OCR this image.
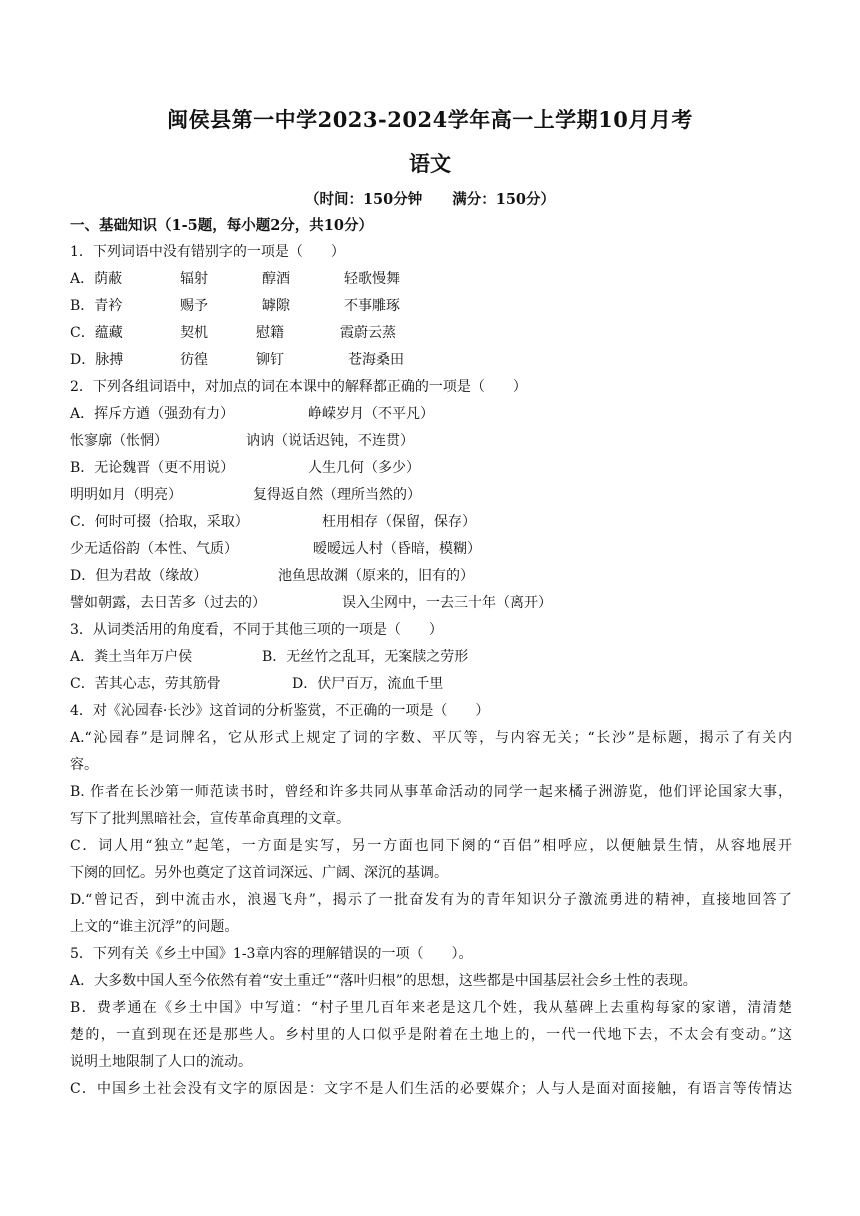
闽侯县第一中学2023-2024学年高一上学期10月月考
语文
（时间：150分钟 满分：150分）
一、基础知识（1-5题，每小题2分，共10分）
1．下列词语中没有错别字的一项是（　　）
A．荫蔽	辐射	醇酒	轻歌慢舞
B．青衿	赐予	罅隙	不事雕琢
C．蕴藏	契机	慰籍	霞蔚云蒸
D．脉搏	彷徨	铆钉	苍海桑田
2．下列各组词语中，对加点的词在本课中的解释都正确的一项是（　　）
A．挥斥方遒（强劲有力）	峥嵘岁月（不平凡）
怅寥廓（怅惘）	讷讷（说话迟钝，不连贯）
B．无论魏晋（更不用说）	人生几何（多少）
明明如月（明亮）	复得返自然（理所当然的）
C．何时可掇（拾取，采取）	枉用相存（保留，保存）
少无适俗韵（本性、气质）	暧暧远人村（昏暗，模糊）
D．但为君故（缘故）	池鱼思故渊（原来的，旧有的）
譬如朝露，去日苦多（过去的）	误入尘网中，一去三十年（离开）
3．从词类活用的角度看，不同于其他三项的一项是（　　）
A．粪土当年万户侯	B．无丝竹之乱耳，无案牍之劳形
C．苦其心志，劳其筋骨	D．伏尸百万，流血千里
4．对《沁园春·长沙》这首词的分析鉴赏，不正确的一项是（　　）
A.“沁园春”是词牌名，它从形式上规定了词的字数、平仄等，与内容无关；“长沙”是标题，揭示了有关内
容。
B. 作者在长沙第一师范读书时，曾经和许多共同从事革命活动的同学一起来橘子洲游览，他们评论国家大事，
写下了批判黑暗社会，宣传革命真理的文章。
C．词人用“独立”起笔，一方面是实写，另一方面也同下阕的“百侣”相呼应，以便触景生情，从容地展开
下阕的回忆。另外也奠定了这首词深远、广阔、深沉的基调。
D.“曾记否，到中流击水，浪遏飞舟”，揭示了一批奋发有为的青年知识分子激流勇进的精神，直接地回答了
上文的“谁主沉浮”的问题。
5．下列有关《乡土中国》1-3章内容的理解错误的一项（　　）。
A．大多数中国人至今依然有着“安土重迁”“落叶归根”的思想，这些都是中国基层社会乡土性的表现。
B．费孝通在《乡土中国》中写道：“村子里几百年来老是这几个姓，我从墓碑上去重构每家的家谱，清清楚
楚的，一直到现在还是那些人。乡村里的人口似乎是附着在土地上的，一代一代地下去，不太会有变动。”这
说明土地限制了人口的流动。
C．中国乡土社会没有文字的原因是：文字不是人们生活的必要媒介；人与人是面对面接触，有语言等传情达
